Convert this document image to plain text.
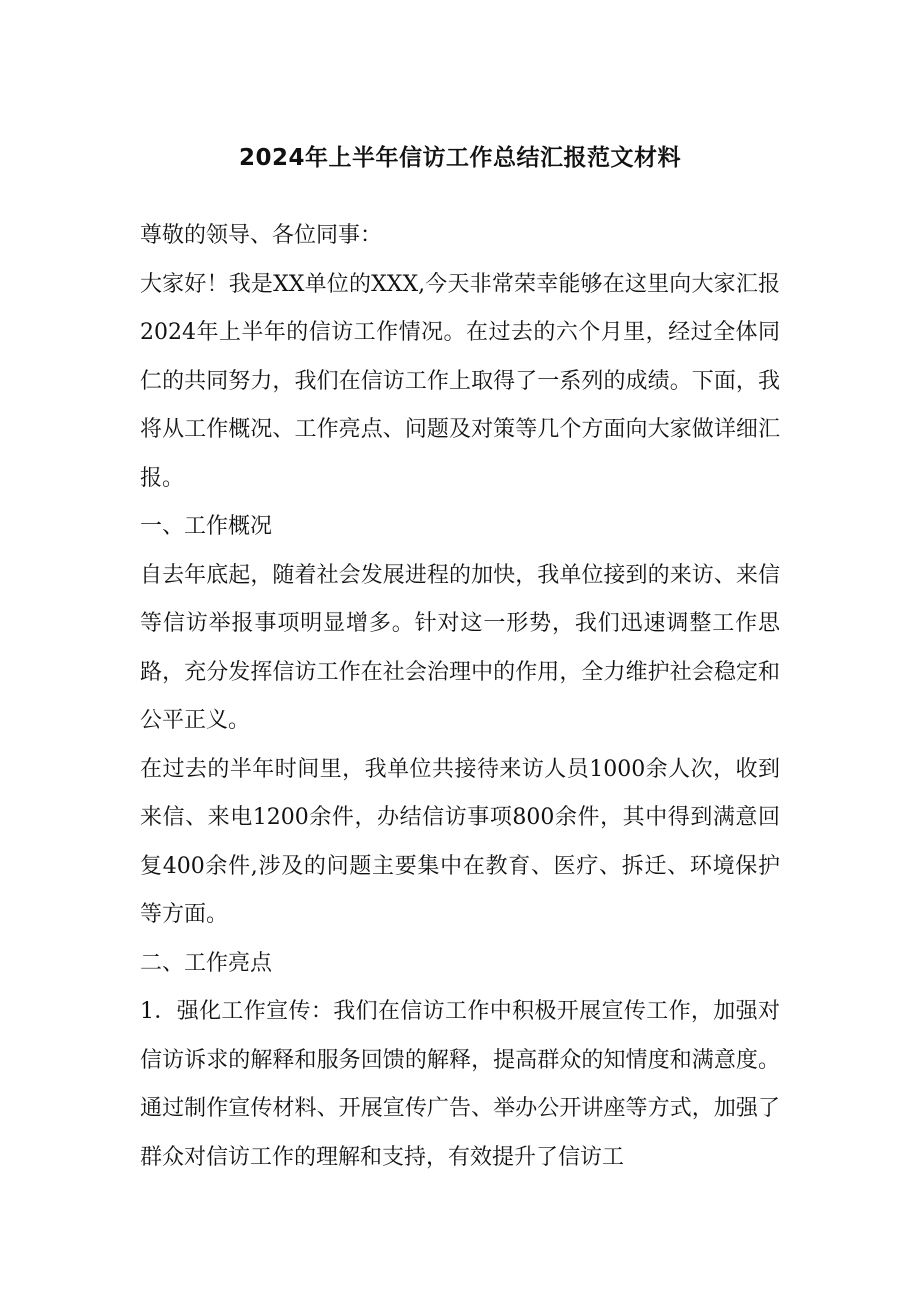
2024年上半年信访工作总结汇报范文材料

尊敬的领导、各位同事：

大家好！我是XX单位的XXX,今天非常荣幸能够在这里向大家汇报2024年上半年的信访工作情况。在过去的六个月里，经过全体同仁的共同努力，我们在信访工作上取得了一系列的成绩。下面，我将从工作概况、工作亮点、问题及对策等几个方面向大家做详细汇报。

一、工作概况

自去年底起，随着社会发展进程的加快，我单位接到的来访、来信等信访举报事项明显增多。针对这一形势，我们迅速调整工作思路，充分发挥信访工作在社会治理中的作用，全力维护社会稳定和公平正义。

在过去的半年时间里，我单位共接待来访人员1000余人次，收到来信、来电1200余件，办结信访事项800余件，其中得到满意回复400余件,涉及的问题主要集中在教育、医疗、拆迁、环境保护等方面。

二、工作亮点

1．强化工作宣传：我们在信访工作中积极开展宣传工作，加强对信访诉求的解释和服务回馈的解释，提高群众的知情度和满意度。通过制作宣传材料、开展宣传广告、举办公开讲座等方式，加强了群众对信访工作的理解和支持，有效提升了信访工
